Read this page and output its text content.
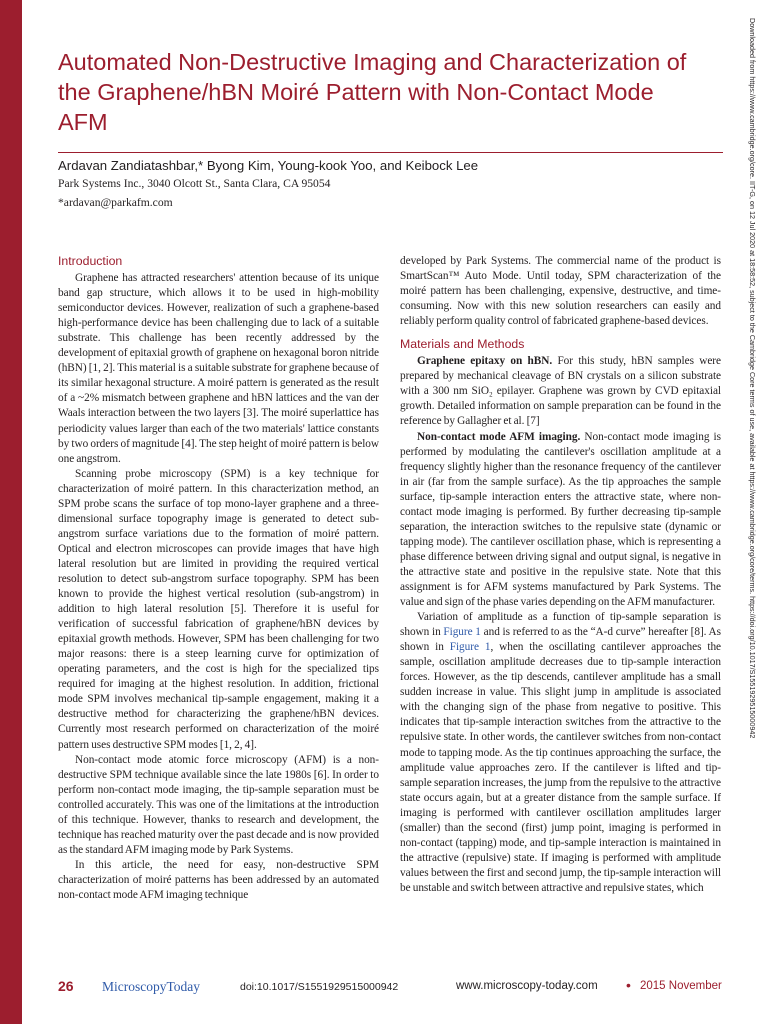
Automated Non-Destructive Imaging and Characterization of the Graphene/hBN Moiré Pattern with Non-Contact Mode AFM
Ardavan Zandiatashbar,* Byong Kim, Young-kook Yoo, and Keibock Lee
Park Systems Inc., 3040 Olcott St., Santa Clara, CA 95054
*ardavan@parkafm.com	Downloaded from https://www.cambridge.org/core. IIT-G, on 12 Jul 2020 at 18:58:52, subject to the Cambridge Core terms of use, available at https://www.cambridge.org/core/terms. https://doi.org/10.1017/S1551929515000942
Introduction

Graphene has attracted researchers' attention because of its unique band gap structure, which allows it to be used in high-mobility semiconductor devices. However, realization of such a graphene-based high-performance device has been challenging due to lack of a suitable substrate. This challenge has been recently addressed by the development of epitaxial growth of graphene on hexagonal boron nitride (hBN) [1, 2]. This material is a suitable substrate for graphene because of its similar hexagonal structure. A moiré pattern is generated as the result of a ~2% mismatch between graphene and hBN lattices and the van der Waals interaction between the two layers [3]. The moiré superlattice has periodicity values larger than each of the two materials' lattice constants by two orders of magnitude [4]. The step height of moiré pattern is below one angstrom.

Scanning probe microscopy (SPM) is a key technique for characterization of moiré pattern. In this characterization method, an SPM probe scans the surface of top mono-layer graphene and a three-dimensional surface topography image is generated to detect sub-angstrom surface variations due to the formation of moiré pattern. Optical and electron microscopes can provide images that have high lateral resolution but are limited in providing the required vertical resolution to detect sub-angstrom surface topography. SPM has been known to provide the highest vertical resolution (sub-angstrom) in addition to high lateral resolution [5]. Therefore it is useful for verification of successful fabrication of graphene/hBN devices by epitaxial growth methods. However, SPM has been challenging for two major reasons: there is a steep learning curve for optimization of operating parameters, and the cost is high for the specialized tips required for imaging at the highest resolution. In addition, frictional mode SPM involves mechanical tip-sample engagement, making it a destructive method for characterizing the graphene/hBN devices. Currently most research performed on characterization of the moiré pattern uses destructive SPM modes [1, 2, 4].

Non-contact mode atomic force microscopy (AFM) is a non-destructive SPM technique available since the late 1980s [6]. In order to perform non-contact mode imaging, the tip-sample separation must be controlled accurately. This was one of the limitations at the introduction of this technique. However, thanks to research and development, the technique has reached maturity over the past decade and is now provided as the standard AFM imaging mode by Park Systems.

In this article, the need for easy, non-destructive SPM characterization of moiré patterns has been addressed by an automated non-contact mode AFM imaging technique

developed by Park Systems. The commercial name of the product is SmartScan™ Auto Mode. Until today, SPM characterization of the moiré pattern has been challenging, expensive, destructive, and time-consuming. Now with this new solution researchers can easily and reliably perform quality control of fabricated graphene-based devices.

Materials and Methods

Graphene epitaxy on hBN. For this study, hBN samples were prepared by mechanical cleavage of BN crystals on a silicon substrate with a 300 nm SiO₂ epilayer. Graphene was grown by CVD epitaxial growth. Detailed information on sample preparation can be found in the reference by Gallagher et al. [7]

Non-contact mode AFM imaging. Non-contact mode imaging is performed by modulating the cantilever's oscillation amplitude at a frequency slightly higher than the resonance frequency of the cantilever in air (far from the sample surface). As the tip approaches the sample surface, tip-sample interaction enters the attractive state, where non-contact mode imaging is performed. By further decreasing tip-sample separation, the interaction switches to the repulsive state (dynamic or tapping mode). The cantilever oscillation phase, which is representing a phase difference between driving signal and output signal, is negative in the attractive state and positive in the repulsive state. Note that this assignment is for AFM systems manufactured by Park Systems. The value and sign of the phase varies depending on the AFM manufacturer.

Variation of amplitude as a function of tip-sample separation is shown in Figure 1 and is referred to as the “A-d curve” hereafter [8]. As shown in Figure 1, when the oscillating cantilever approaches the sample, oscillation amplitude decreases due to tip-sample interaction forces. However, as the tip descends, cantilever amplitude has a small sudden increase in value. This slight jump in amplitude is associated with the changing sign of the phase from negative to positive. This indicates that tip-sample interaction switches from the attractive to the repulsive state. In other words, the cantilever switches from non-contact mode to tapping mode. As the tip continues approaching the surface, the amplitude value approaches zero. If the cantilever is lifted and tip-sample separation increases, the jump from the repulsive to the attractive state occurs again, but at a greater distance from the sample surface. If imaging is performed with cantilever oscillation amplitudes larger (smaller) than the second (first) jump point, imaging is performed in non-contact (tapping) mode, and tip-sample interaction is maintained in the attractive (repulsive) state. If imaging is performed with amplitude values between the first and second jump, the tip-sample interaction will be unstable and switch between attractive and repulsive states, which

26 MicroscopyToday	doi:10.1017/S1551929515000942	www.microscopy-today.com • 2015 November
